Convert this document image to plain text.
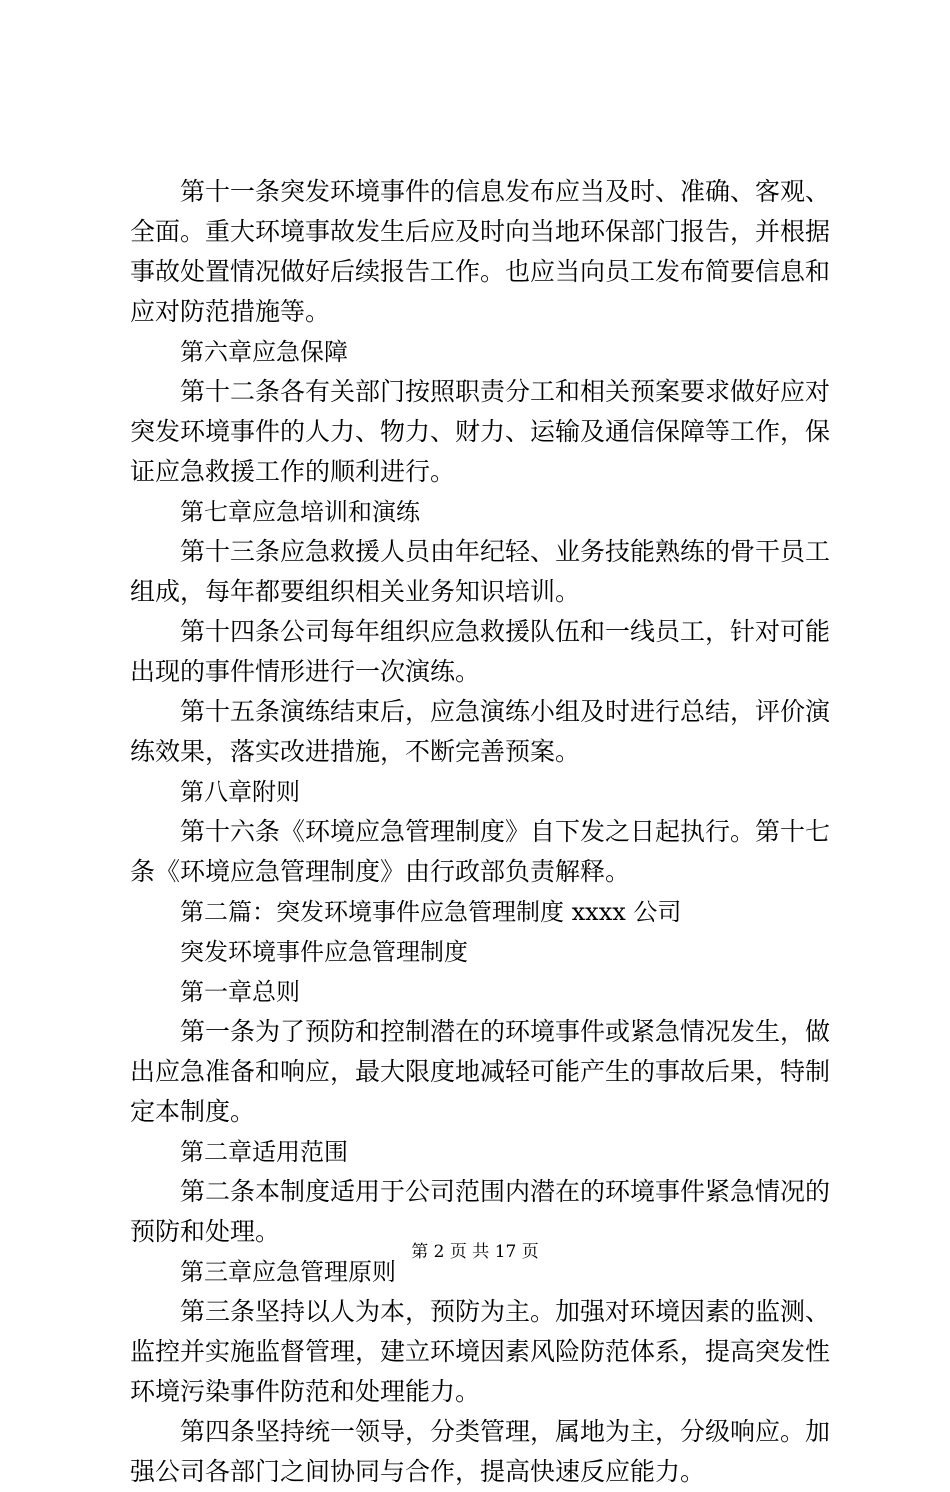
第十一条突发环境事件的信息发布应当及时、准确、客观、全面。重大环境事故发生后应及时向当地环保部门报告，并根据事故处置情况做好后续报告工作。也应当向员工发布简要信息和应对防范措施等。

第六章应急保障

第十二条各有关部门按照职责分工和相关预案要求做好应对突发环境事件的人力、物力、财力、运输及通信保障等工作，保证应急救援工作的顺利进行。

第七章应急培训和演练

第十三条应急救援人员由年纪轻、业务技能熟练的骨干员工组成，每年都要组织相关业务知识培训。

第十四条公司每年组织应急救援队伍和一线员工，针对可能出现的事件情形进行一次演练。

第十五条演练结束后，应急演练小组及时进行总结，评价演练效果，落实改进措施，不断完善预案。

第八章附则

第十六条《环境应急管理制度》自下发之日起执行。第十七条《环境应急管理制度》由行政部负责解释。

第二篇：突发环境事件应急管理制度 xxxx 公司

突发环境事件应急管理制度

第一章总则

第一条为了预防和控制潜在的环境事件或紧急情况发生，做出应急准备和响应，最大限度地减轻可能产生的事故后果，特制定本制度。

第二章适用范围

第二条本制度适用于公司范围内潜在的环境事件紧急情况的预防和处理。

第三章应急管理原则

第三条坚持以人为本，预防为主。加强对环境因素的监测、监控并实施监督管理，建立环境因素风险防范体系，提高突发性环境污染事件防范和处理能力。

第四条坚持统一领导，分类管理，属地为主，分级响应。加强公司各部门之间协同与合作，提高快速反应能力。

第 2 页 共 17 页
